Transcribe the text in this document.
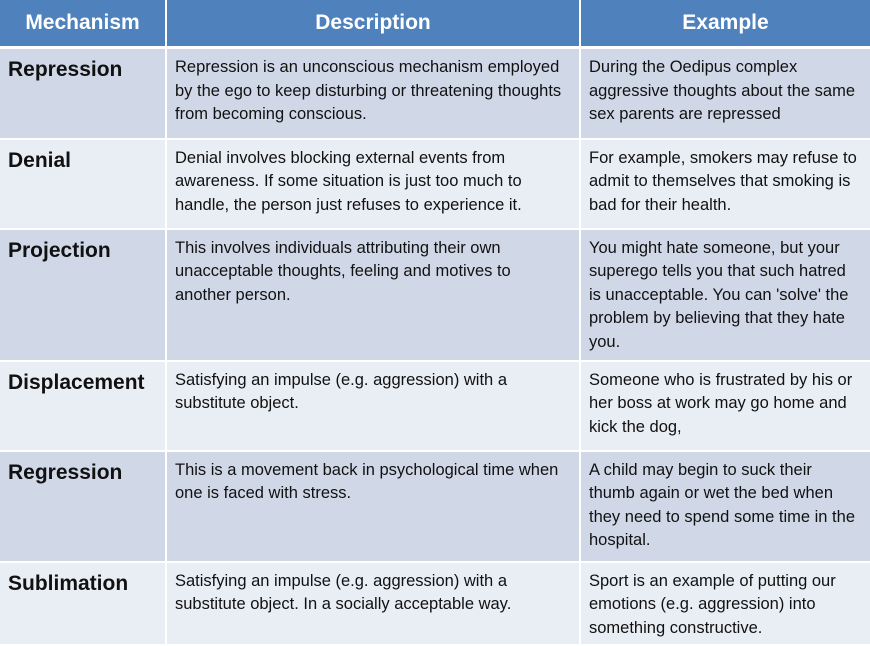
Mechanism	Description	Example
Repression	Repression is an unconscious mechanism employed by the ego to keep disturbing or threatening thoughts from becoming conscious.	During the Oedipus complex aggressive thoughts about the same sex parents are repressed
Denial	Denial involves blocking external events from awareness. If some situation is just too much to handle, the person just refuses to experience it.	For example, smokers may refuse to admit to themselves that smoking is bad for their health.
Projection	This involves individuals attributing their own unacceptable thoughts, feeling and motives to another person.	You might hate someone, but your superego tells you that such hatred is unacceptable. You can 'solve' the problem by believing that they hate you.
Displacement	Satisfying an impulse (e.g. aggression) with a substitute object.	Someone who is frustrated by his or her boss at work may go home and kick the dog,
Regression	This is a movement back in psychological time when one is faced with stress.	A child may begin to suck their thumb again or wet the bed when they need to spend some time in the hospital.
Sublimation	Satisfying an impulse (e.g. aggression) with a substitute object. In a socially acceptable way.	Sport is an example of putting our emotions (e.g. aggression) into something constructive.
